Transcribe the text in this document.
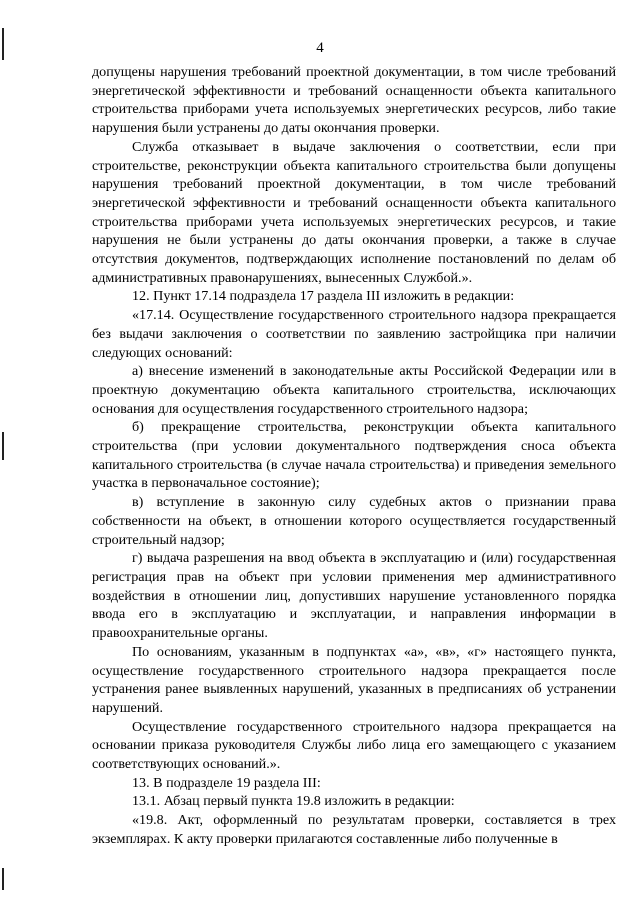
4

допущены нарушения требований проектной документации, в том числе требований энергетической эффективности и требований оснащенности объекта капитального строительства приборами учета используемых энергетических ресурсов, либо такие нарушения были устранены до даты окончания проверки.

Служба отказывает в выдаче заключения о соответствии, если при строительстве, реконструкции объекта капитального строительства были допущены нарушения требований проектной документации, в том числе требований энергетической эффективности и требований оснащенности объекта капитального строительства приборами учета используемых энергетических ресурсов, и такие нарушения не были устранены до даты окончания проверки, а также в случае отсутствия документов, подтверждающих исполнение постановлений по делам об административных правонарушениях, вынесенных Службой.».

12. Пункт 17.14 подраздела 17 раздела III изложить в редакции:

«17.14. Осуществление государственного строительного надзора прекращается без выдачи заключения о соответствии по заявлению застройщика при наличии следующих оснований:

а) внесение изменений в законодательные акты Российской Федерации или в проектную документацию объекта капитального строительства, исключающих основания для осуществления государственного строительного надзора;

б) прекращение строительства, реконструкции объекта капитального строительства (при условии документального подтверждения сноса объекта капитального строительства (в случае начала строительства) и приведения земельного участка в первоначальное состояние);

в) вступление в законную силу судебных актов о признании права собственности на объект, в отношении которого осуществляется государственный строительный надзор;

г) выдача разрешения на ввод объекта в эксплуатацию и (или) государственная регистрация прав на объект при условии применения мер административного воздействия в отношении лиц, допустивших нарушение установленного порядка ввода его в эксплуатацию и эксплуатации, и направления информации в правоохранительные органы.

По основаниям, указанным в подпунктах «а», «в», «г» настоящего пункта, осуществление государственного строительного надзора прекращается после устранения ранее выявленных нарушений, указанных в предписаниях об устранении нарушений.

Осуществление государственного строительного надзора прекращается на основании приказа руководителя Службы либо лица его замещающего с указанием соответствующих оснований.».

13. В подразделе 19 раздела III:

13.1. Абзац первый пункта 19.8 изложить в редакции:

«19.8. Акт, оформленный по результатам проверки, составляется в трех экземплярах. К акту проверки прилагаются составленные либо полученные в
